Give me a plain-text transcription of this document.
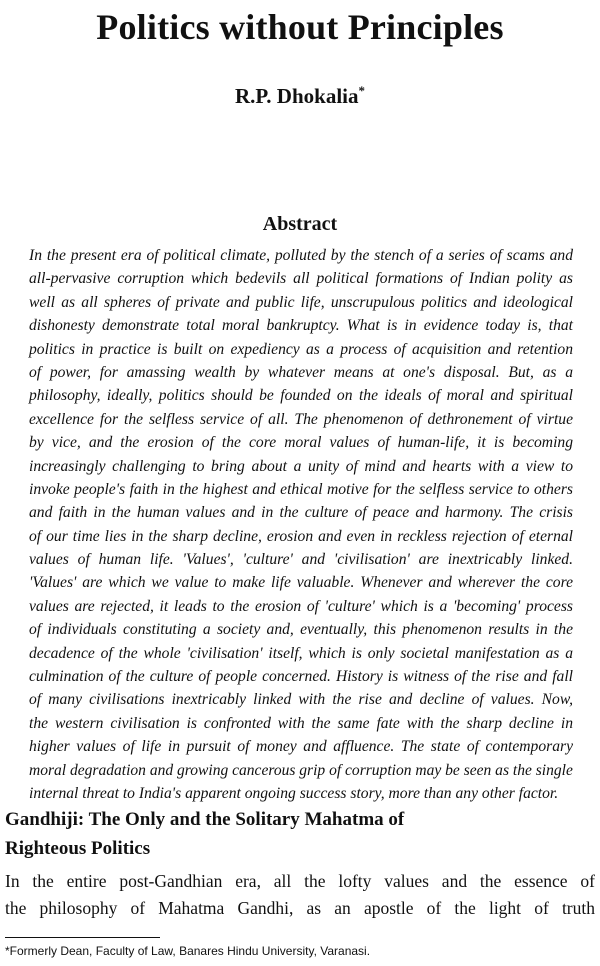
Politics without Principles
R.P. Dhokalia*
Abstract
In the present era of political climate, polluted by the stench of a series of scams and
all-pervasive corruption which bedevils all political formations of Indian polity as
well as all spheres of private and public life, unscrupulous politics and ideological
dishonesty demonstrate total moral bankruptcy. What is in evidence today is, that
politics in practice is built on expediency as a process of acquisition and retention
of power, for amassing wealth by whatever means at one's disposal. But, as a
philosophy, ideally, politics should be founded on the ideals of moral and spiritual
excellence for the selfless service of all. The phenomenon of dethronement of virtue
by vice, and the erosion of the core moral values of human-life, it is becoming
increasingly challenging to bring about a unity of mind and hearts with a view to
invoke people's faith in the highest and ethical motive for the selfless service to others
and faith in the human values and in the culture of peace and harmony. The crisis
of our time lies in the sharp decline, erosion and even in reckless rejection of eternal
values of human life. 'Values', 'culture' and 'civilisation' are inextricably linked.
'Values' are which we value to make life valuable. Whenever and wherever the core
values are rejected, it leads to the erosion of 'culture' which is a 'becoming' process
of individuals constituting a society and, eventually, this phenomenon results in the
decadence of the whole 'civilisation' itself, which is only societal manifestation as a
culmination of the culture of people concerned. History is witness of the rise and fall
of many civilisations inextricably linked with the rise and decline of values. Now,
the western civilisation is confronted with the same fate with the sharp decline in
higher values of life in pursuit of money and affluence. The state of contemporary
moral degradation and growing cancerous grip of corruption may be seen as the single
internal threat to India's apparent ongoing success story, more than any other factor.
Gandhiji: The Only and the Solitary Mahatma of
Righteous Politics
In the entire post-Gandhian era, all the lofty values and the essence of
the philosophy of Mahatma Gandhi, as an apostle of the light of truth
*Formerly Dean, Faculty of Law, Banares Hindu University, Varanasi.
